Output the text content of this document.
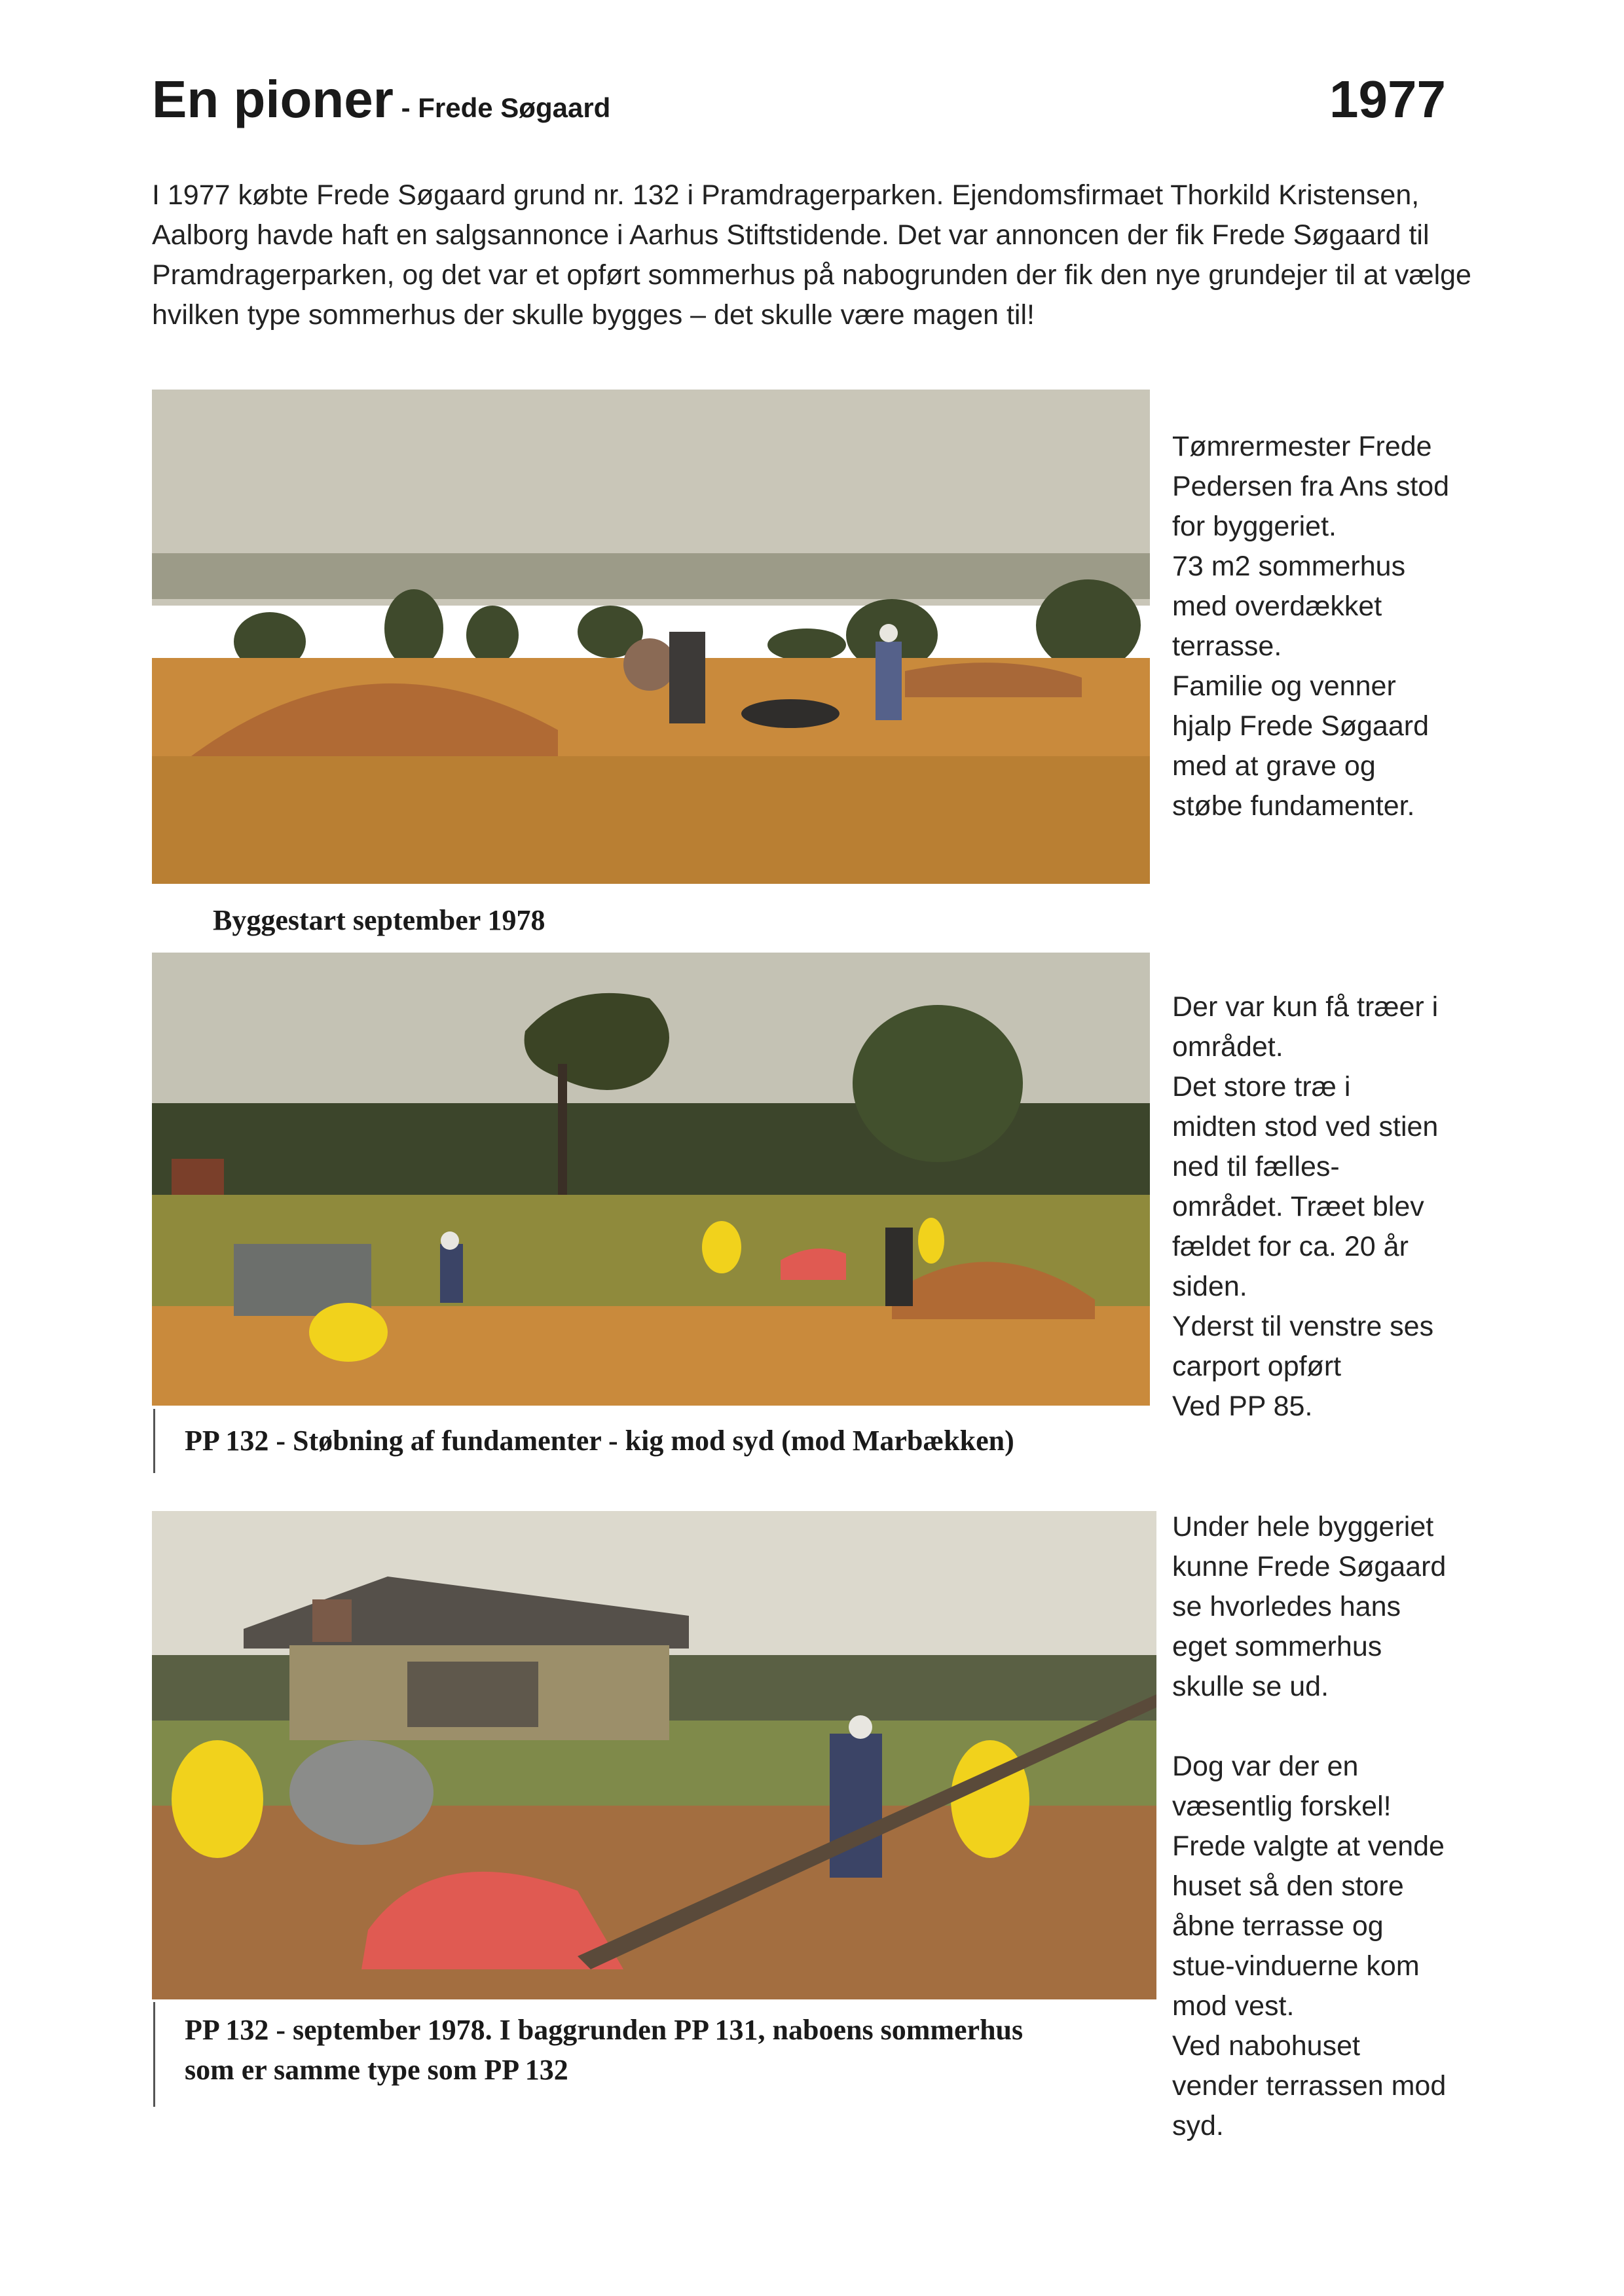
En pioner - Frede Søgaard	1977
I 1977 købte Frede Søgaard grund nr. 132 i Pramdragerparken. Ejendomsfirmaet Thorkild Kristensen, Aalborg havde haft en salgsannonce i Aarhus Stiftstidende. Det var annoncen der fik Frede Søgaard til Pramdragerparken, og det var et opført sommerhus på nabogrunden der fik den nye grundejer til at vælge hvilken type sommerhus der skulle bygges – det skulle være magen til!
Byggestart september 1978
Tømrermester Frede
Pedersen fra Ans stod
for byggeriet.
73 m2 sommerhus
med overdækket
terrasse.
Familie og venner
hjalp Frede Søgaard
med at grave og
støbe fundamenter.
PP 132 - Støbning af fundamenter - kig mod syd (mod Marbækken)
Der var kun få træer i
området.
Det store træ i
midten stod ved stien
ned til fælles-
området. Træet blev
fældet for ca. 20 år
siden.
Yderst til venstre ses
carport opført
Ved PP 85.
PP 132 - september 1978. I baggrunden PP 131, naboens sommerhus
som er samme type som PP 132
Under hele byggeriet
kunne Frede Søgaard
se hvorledes hans
eget sommerhus
skulle se ud.

Dog var der en
væsentlig forskel!
Frede valgte at vende
huset så den store
åbne terrasse og
stue-vinduerne kom
mod vest.
Ved nabohuset
vender terrassen mod
syd.
